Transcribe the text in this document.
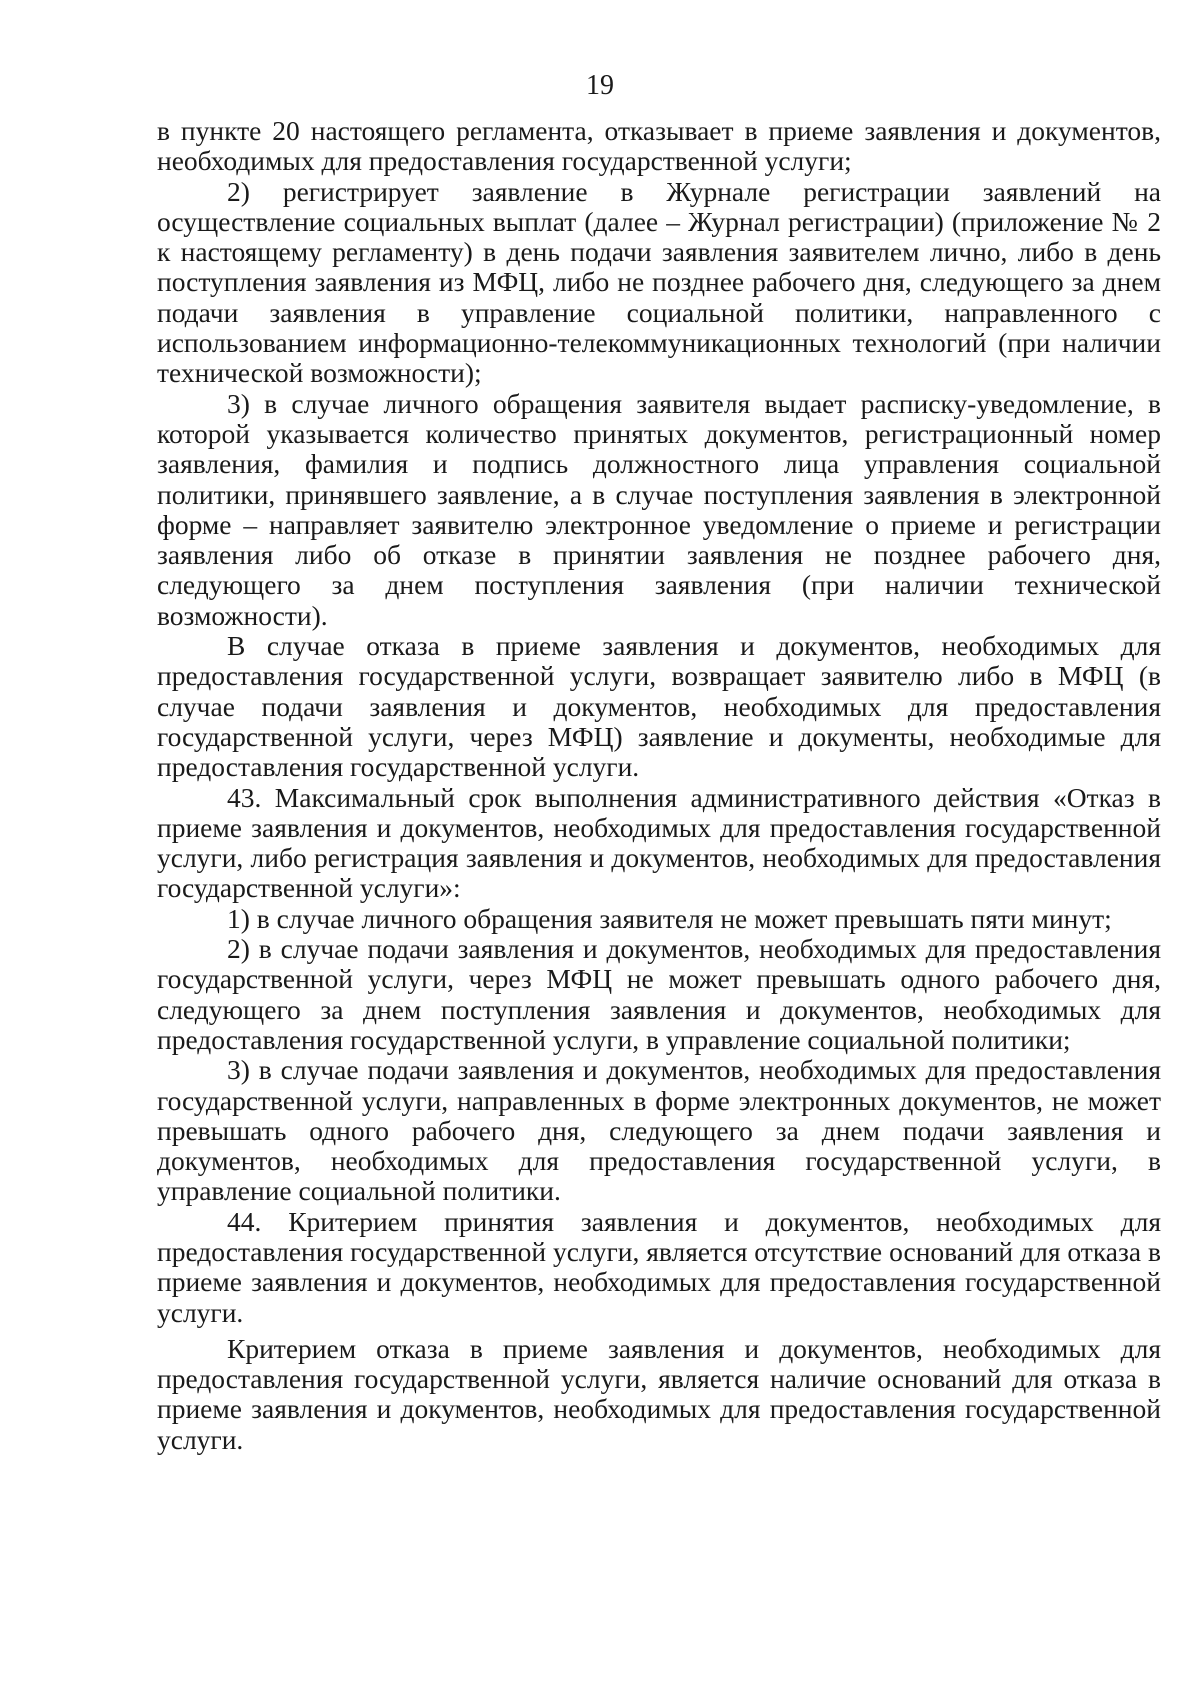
19

в пункте 20 настоящего регламента, отказывает в приеме заявления и документов, необходимых для предоставления государственной услуги;

2) регистрирует заявление в Журнале регистрации заявлений на осуществление социальных выплат (далее – Журнал регистрации) (приложение № 2 к настоящему регламенту) в день подачи заявления заявителем лично, либо в день поступления заявления из МФЦ, либо не позднее рабочего дня, следующего за днем подачи заявления в управление социальной политики, направленного с использованием информационно-телекоммуникационных технологий (при наличии технической возможности);

3) в случае личного обращения заявителя выдает расписку-уведомление, в которой указывается количество принятых документов, регистрационный номер заявления, фамилия и подпись должностного лица управления социальной политики, принявшего заявление, а в случае поступления заявления в электронной форме – направляет заявителю электронное уведомление о приеме и регистрации заявления либо об отказе в принятии заявления не позднее рабочего дня, следующего за днем поступления заявления (при наличии технической возможности).

В случае отказа в приеме заявления и документов, необходимых для предоставления государственной услуги, возвращает заявителю либо в МФЦ (в случае подачи заявления и документов, необходимых для предоставления государственной услуги, через МФЦ) заявление и документы, необходимые для предоставления государственной услуги.

43. Максимальный срок выполнения административного действия «Отказ в приеме заявления и документов, необходимых для предоставления государственной услуги, либо регистрация заявления и документов, необходимых для предоставления государственной услуги»:

1) в случае личного обращения заявителя не может превышать пяти минут;

2) в случае подачи заявления и документов, необходимых для предоставления государственной услуги, через МФЦ не может превышать одного рабочего дня, следующего за днем поступления заявления и документов, необходимых для предоставления государственной услуги, в управление социальной политики;

3) в случае подачи заявления и документов, необходимых для предоставления государственной услуги, направленных в форме электронных документов, не может превышать одного рабочего дня, следующего за днем подачи заявления и документов, необходимых для предоставления государственной услуги, в управление социальной политики.

44. Критерием принятия заявления и документов, необходимых для предоставления государственной услуги, является отсутствие оснований для отказа в приеме заявления и документов, необходимых для предоставления государственной услуги.

Критерием отказа в приеме заявления и документов, необходимых для предоставления государственной услуги, является наличие оснований для отказа в приеме заявления и документов, необходимых для предоставления государственной услуги.
